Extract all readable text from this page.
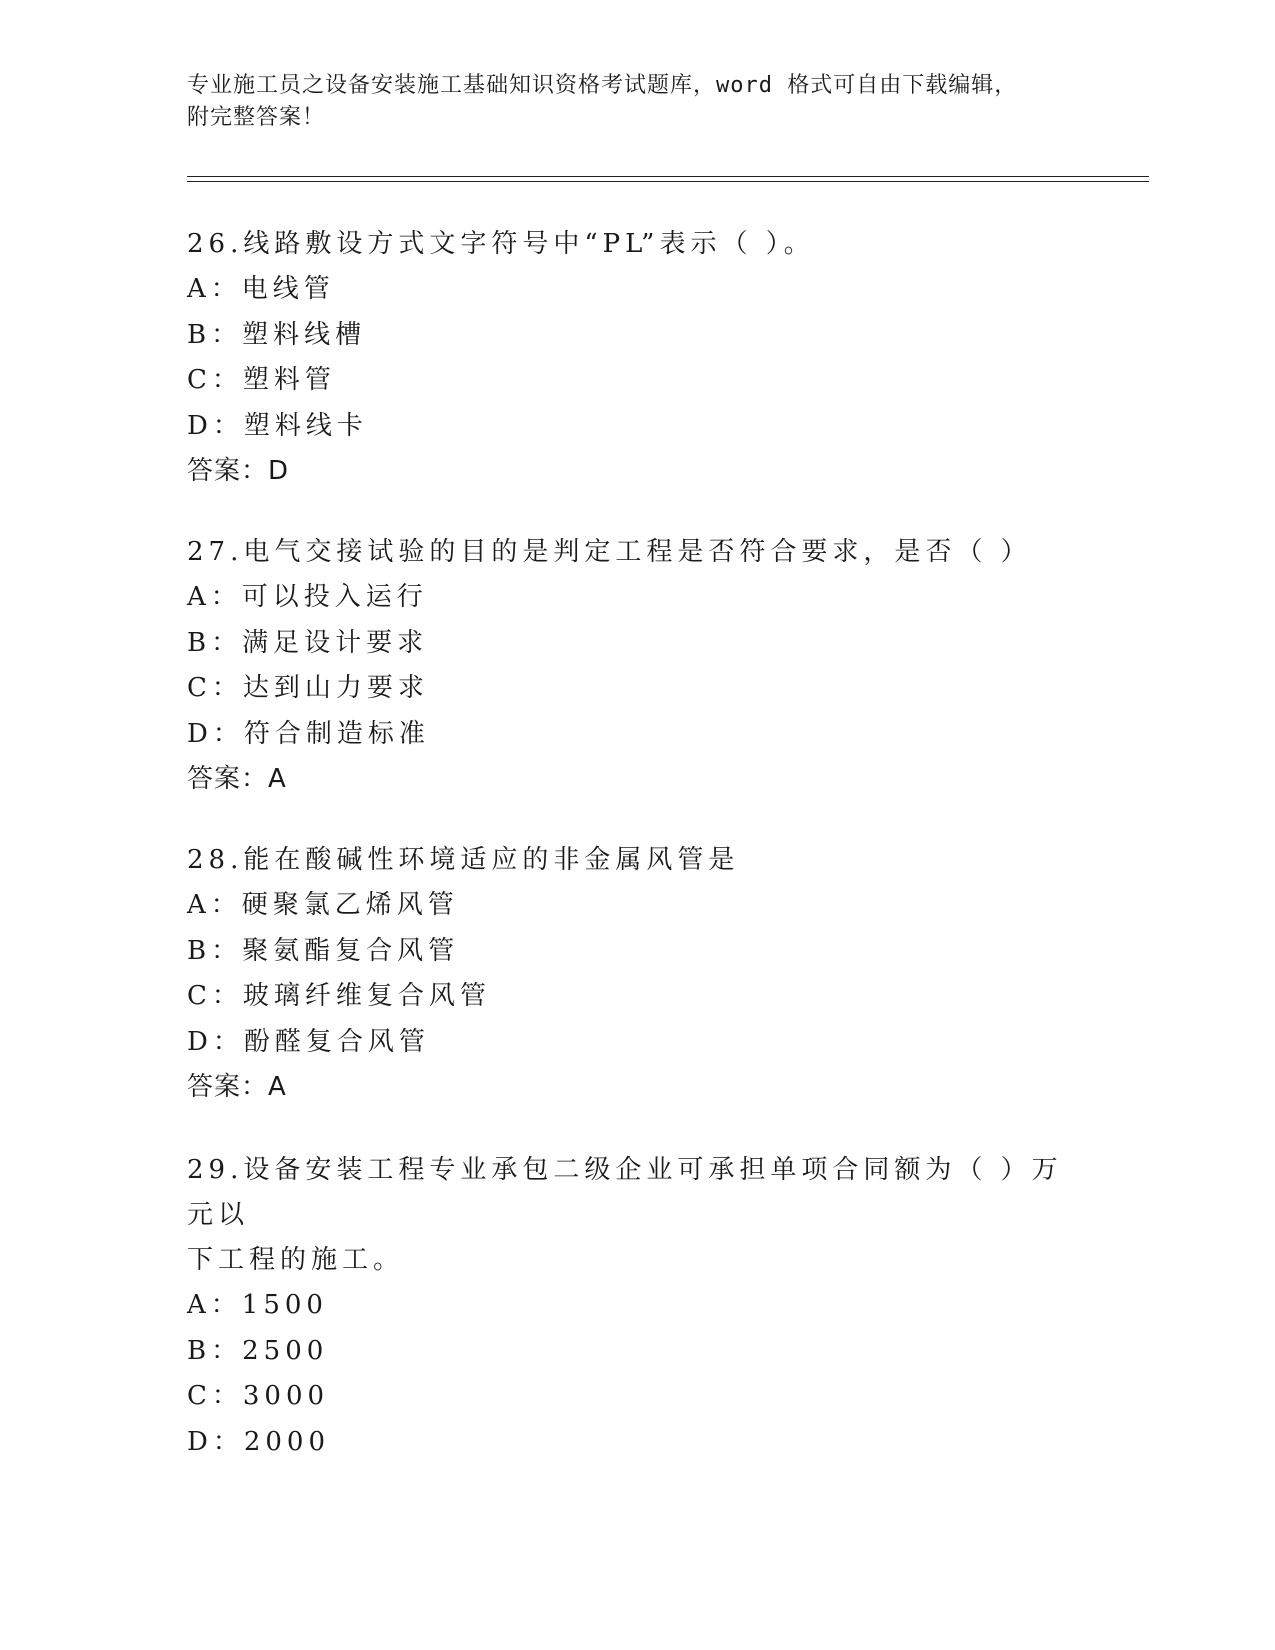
专业施工员之设备安装施工基础知识资格考试题库，word 格式可自由下载编辑，
附完整答案！

26.线路敷设方式文字符号中“PL”表示（ ）。

A：电线管

B：塑料线槽

C：塑料管

D：塑料线卡

答案：D

27.电气交接试验的目的是判定工程是否符合要求，是否（ ）

A：可以投入运行

B：满足设计要求

C：达到山力要求

D：符合制造标准

答案：A

28.能在酸碱性环境适应的非金属风管是

A：硬聚氯乙烯风管

B：聚氨酯复合风管

C：玻璃纤维复合风管

D：酚醛复合风管

答案：A

29.设备安装工程专业承包二级企业可承担单项合同额为（ ）万元以

下工程的施工。

A：1500

B：2500

C：3000

D：2000
